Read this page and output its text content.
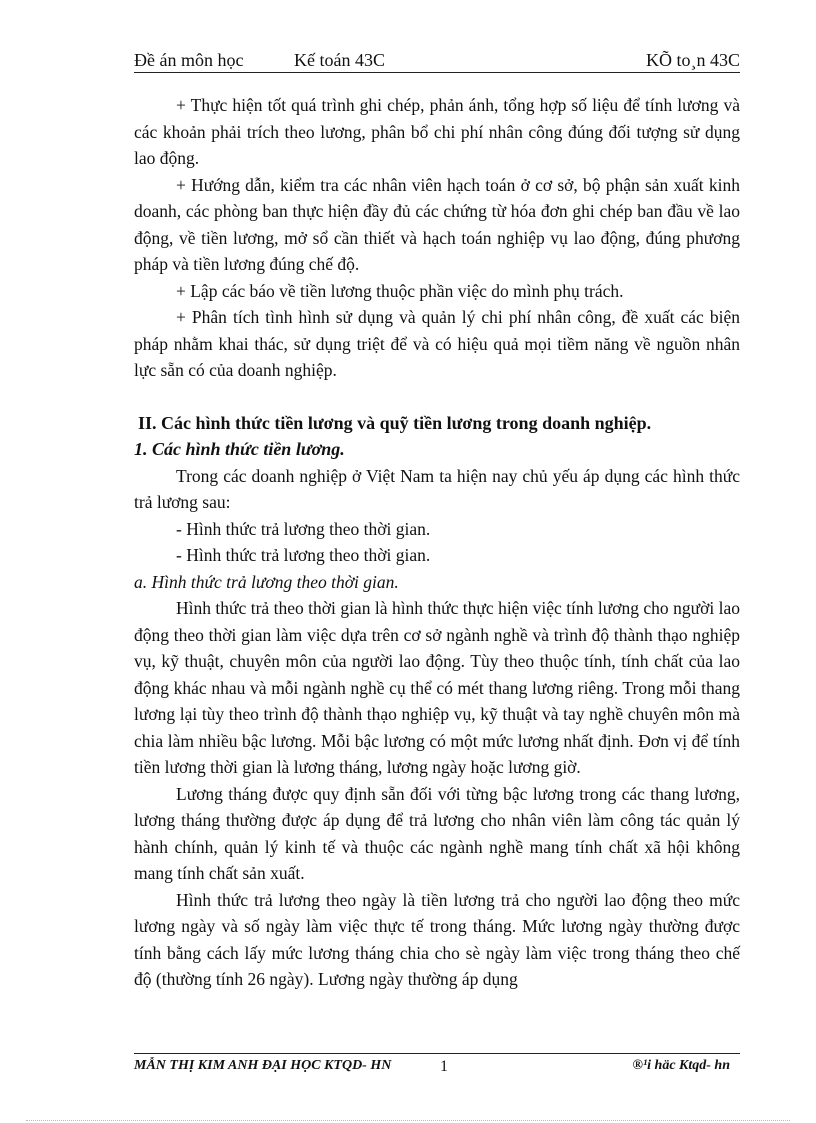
Đề án môn học	Kế toán 43C	KÕ to¸n 43C

+ Thực hiện tốt quá trình ghi chép, phản ánh, tổng hợp số liệu để tính lương và các khoản phải trích theo lương, phân bổ chi phí nhân công đúng đối tượng sử dụng lao động.

+ Hướng dẫn, kiểm tra các nhân viên hạch toán ở cơ sở, bộ phận sản xuất kinh doanh, các phòng ban thực hiện đầy đủ các chứng từ hóa đơn ghi chép ban đầu về lao động, về tiền lương, mở sổ cần thiết và hạch toán nghiệp vụ lao động, đúng phương pháp và tiền lương đúng chế độ.

+ Lập các báo về tiền lương thuộc phần việc do mình phụ trách.

+ Phân tích tình hình sử dụng và quản lý chi phí nhân công, đề xuất các biện pháp nhằm khai thác, sử dụng triệt để và có hiệu quả mọi tiềm năng về nguồn nhân lực sẵn có của doanh nghiệp.

II. Các hình thức tiền lương và quỹ tiền lương trong doanh nghiệp.

1. Các hình thức tiền lương.

Trong các doanh nghiệp ở Việt Nam ta hiện nay chủ yếu áp dụng các hình thức trả lương sau:

- Hình thức trả lương theo thời gian.

- Hình thức trả lương theo thời gian.

a. Hình thức trả lương theo thời gian.

Hình thức trả theo thời gian là hình thức thực hiện việc tính lương cho người lao động theo thời gian làm việc dựa trên cơ sở ngành nghề và trình độ thành thạo nghiệp vụ, kỹ thuật, chuyên môn của người lao động. Tùy theo thuộc tính, tính chất của lao động khác nhau và mỗi ngành nghề cụ thể có mét thang lương riêng. Trong mỗi thang lương lại tùy theo trình độ thành thạo nghiệp vụ, kỹ thuật và tay nghề chuyên môn mà chia làm nhiều bậc lương. Mỗi bậc lương có một mức lương nhất định. Đơn vị để tính tiền lương thời gian là lương tháng, lương ngày hoặc lương giờ.

Lương tháng được quy định sẵn đối với từng bậc lương trong các thang lương, lương tháng thường được áp dụng để trả lương cho nhân viên làm công tác quản lý hành chính, quản lý kinh tế và thuộc các ngành nghề mang tính chất xã hội không mang tính chất sản xuất.

Hình thức trả lương theo ngày là tiền lương trả cho người lao động theo mức lương ngày và số ngày làm việc thực tế trong tháng. Mức lương ngày thường được tính bằng cách lấy mức lương tháng chia cho sè ngày làm việc trong tháng theo chế độ (thường tính 26 ngày). Lương ngày thường áp dụng

MẪN THỊ KIM ANH ĐẠI HỌC KTQD- HN	1	®¹i häc Ktqd- hn
